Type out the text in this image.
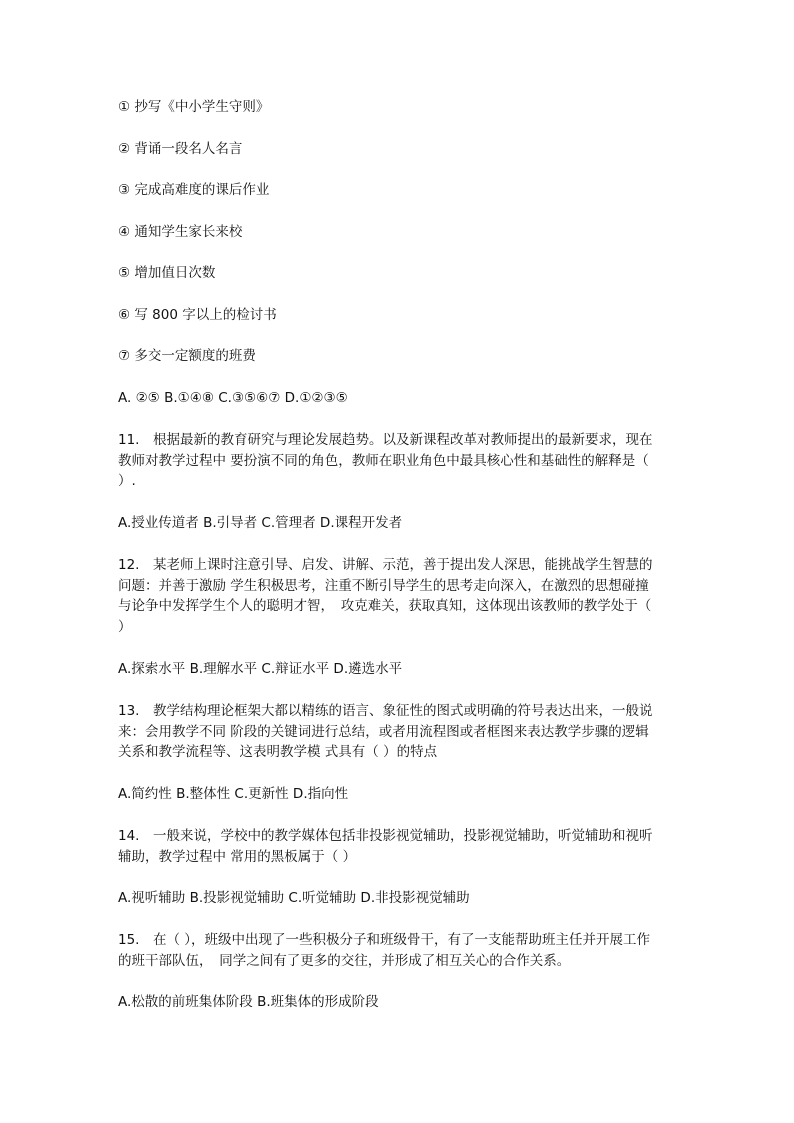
① 抄写《中小学生守则》

② 背诵一段名人名言

③ 完成高难度的课后作业

④ 通知学生家长来校

⑤ 增加值日次数

⑥ 写 800 字以上的检讨书

⑦ 多交一定额度的班费

A. ②⑤ B.①④⑧ C.③⑤⑥⑦ D.①②③⑤

11.　根据最新的教育研究与理论发展趋势。以及新课程改革对教师提出的最新要求，现在
教师对教学过程中 要扮演不同的角色，教师在职业角色中最具核心性和基础性的解释是（
）.

A.授业传道者 B.引导者 C.管理者 D.课程开发者

12.　某老师上课时注意引导、启发、讲解、示范，善于提出发人深思，能挑战学生智慧的
问题：并善于激励 学生积极思考，注重不断引导学生的思考走向深入，在激烈的思想碰撞
与论争中发挥学生个人的聪明才智，　攻克难关，获取真知，这体现出该教师的教学处于（
）

A.探索水平 B.理解水平 C.辩证水平 D.遴选水平

13.　教学结构理论框架大都以精练的语言、象征性的图式或明确的符号表达出来，一般说
来：会用教学不同 阶段的关键词进行总结，或者用流程图或者框图来表达教学步骤的逻辑
关系和教学流程等、这表明教学模 式具有（ ）的特点

A.简约性 B.整体性 C.更新性 D.指向性

14.　一般来说，学校中的教学媒体包括非投影视觉辅助，投影视觉辅助，听觉辅助和视听
辅助，教学过程中 常用的黑板属于（ ）

A.视听辅助 B.投影视觉辅助 C.听觉辅助 D.非投影视觉辅助

15.　在（ ），班级中出现了一些积极分子和班级骨干，有了一支能帮助班主任并开展工作
的班干部队伍，　同学之间有了更多的交往，并形成了相互关心的合作关系。

A.松散的前班集体阶段 B.班集体的形成阶段
